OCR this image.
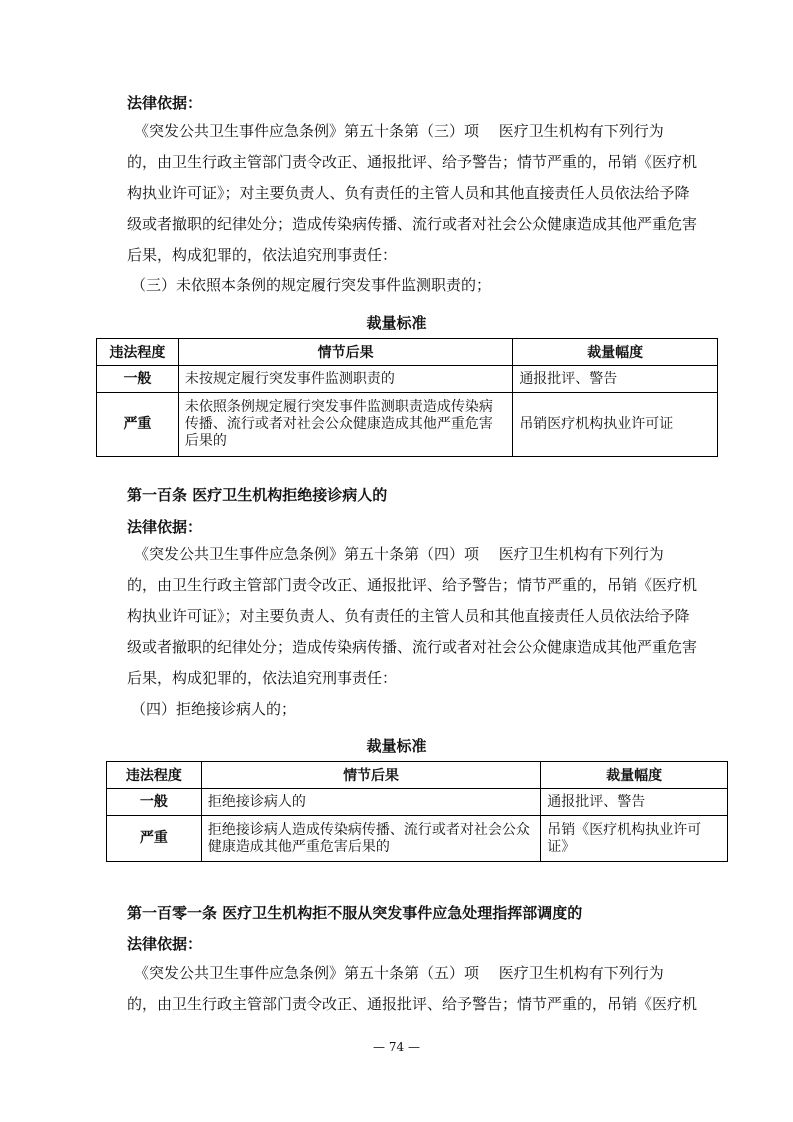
法律依据：
《突发公共卫生事件应急条例》第五十条第（三）项　 医疗卫生机构有下列行为
的，由卫生行政主管部门责令改正、通报批评、给予警告；情节严重的，吊销《医疗机
构执业许可证》；对主要负责人、负有责任的主管人员和其他直接责任人员依法给予降
级或者撤职的纪律处分；造成传染病传播、流行或者对社会公众健康造成其他严重危害
后果，构成犯罪的，依法追究刑事责任：
（三）未依照本条例的规定履行突发事件监测职责的；
裁量标准
违法程度	情节后果	裁量幅度
一般	未按规定履行突发事件监测职责的	通报批评、警告
严重	未依照条例规定履行突发事件监测职责造成传染病传播、流行或者对社会公众健康造成其他严重危害后果的	吊销医疗机构执业许可证
第一百条 医疗卫生机构拒绝接诊病人的
法律依据：
《突发公共卫生事件应急条例》第五十条第（四）项　 医疗卫生机构有下列行为
的，由卫生行政主管部门责令改正、通报批评、给予警告；情节严重的，吊销《医疗机
构执业许可证》；对主要负责人、负有责任的主管人员和其他直接责任人员依法给予降
级或者撤职的纪律处分；造成传染病传播、流行或者对社会公众健康造成其他严重危害
后果，构成犯罪的，依法追究刑事责任：
（四）拒绝接诊病人的；
裁量标准
违法程度	情节后果	裁量幅度
一般	拒绝接诊病人的	通报批评、警告
严重	拒绝接诊病人造成传染病传播、流行或者对社会公众健康造成其他严重危害后果的	吊销《医疗机构执业许可证》
第一百零一条 医疗卫生机构拒不服从突发事件应急处理指挥部调度的
法律依据：
《突发公共卫生事件应急条例》第五十条第（五）项　 医疗卫生机构有下列行为
的，由卫生行政主管部门责令改正、通报批评、给予警告；情节严重的，吊销《医疗机
— 74 —
